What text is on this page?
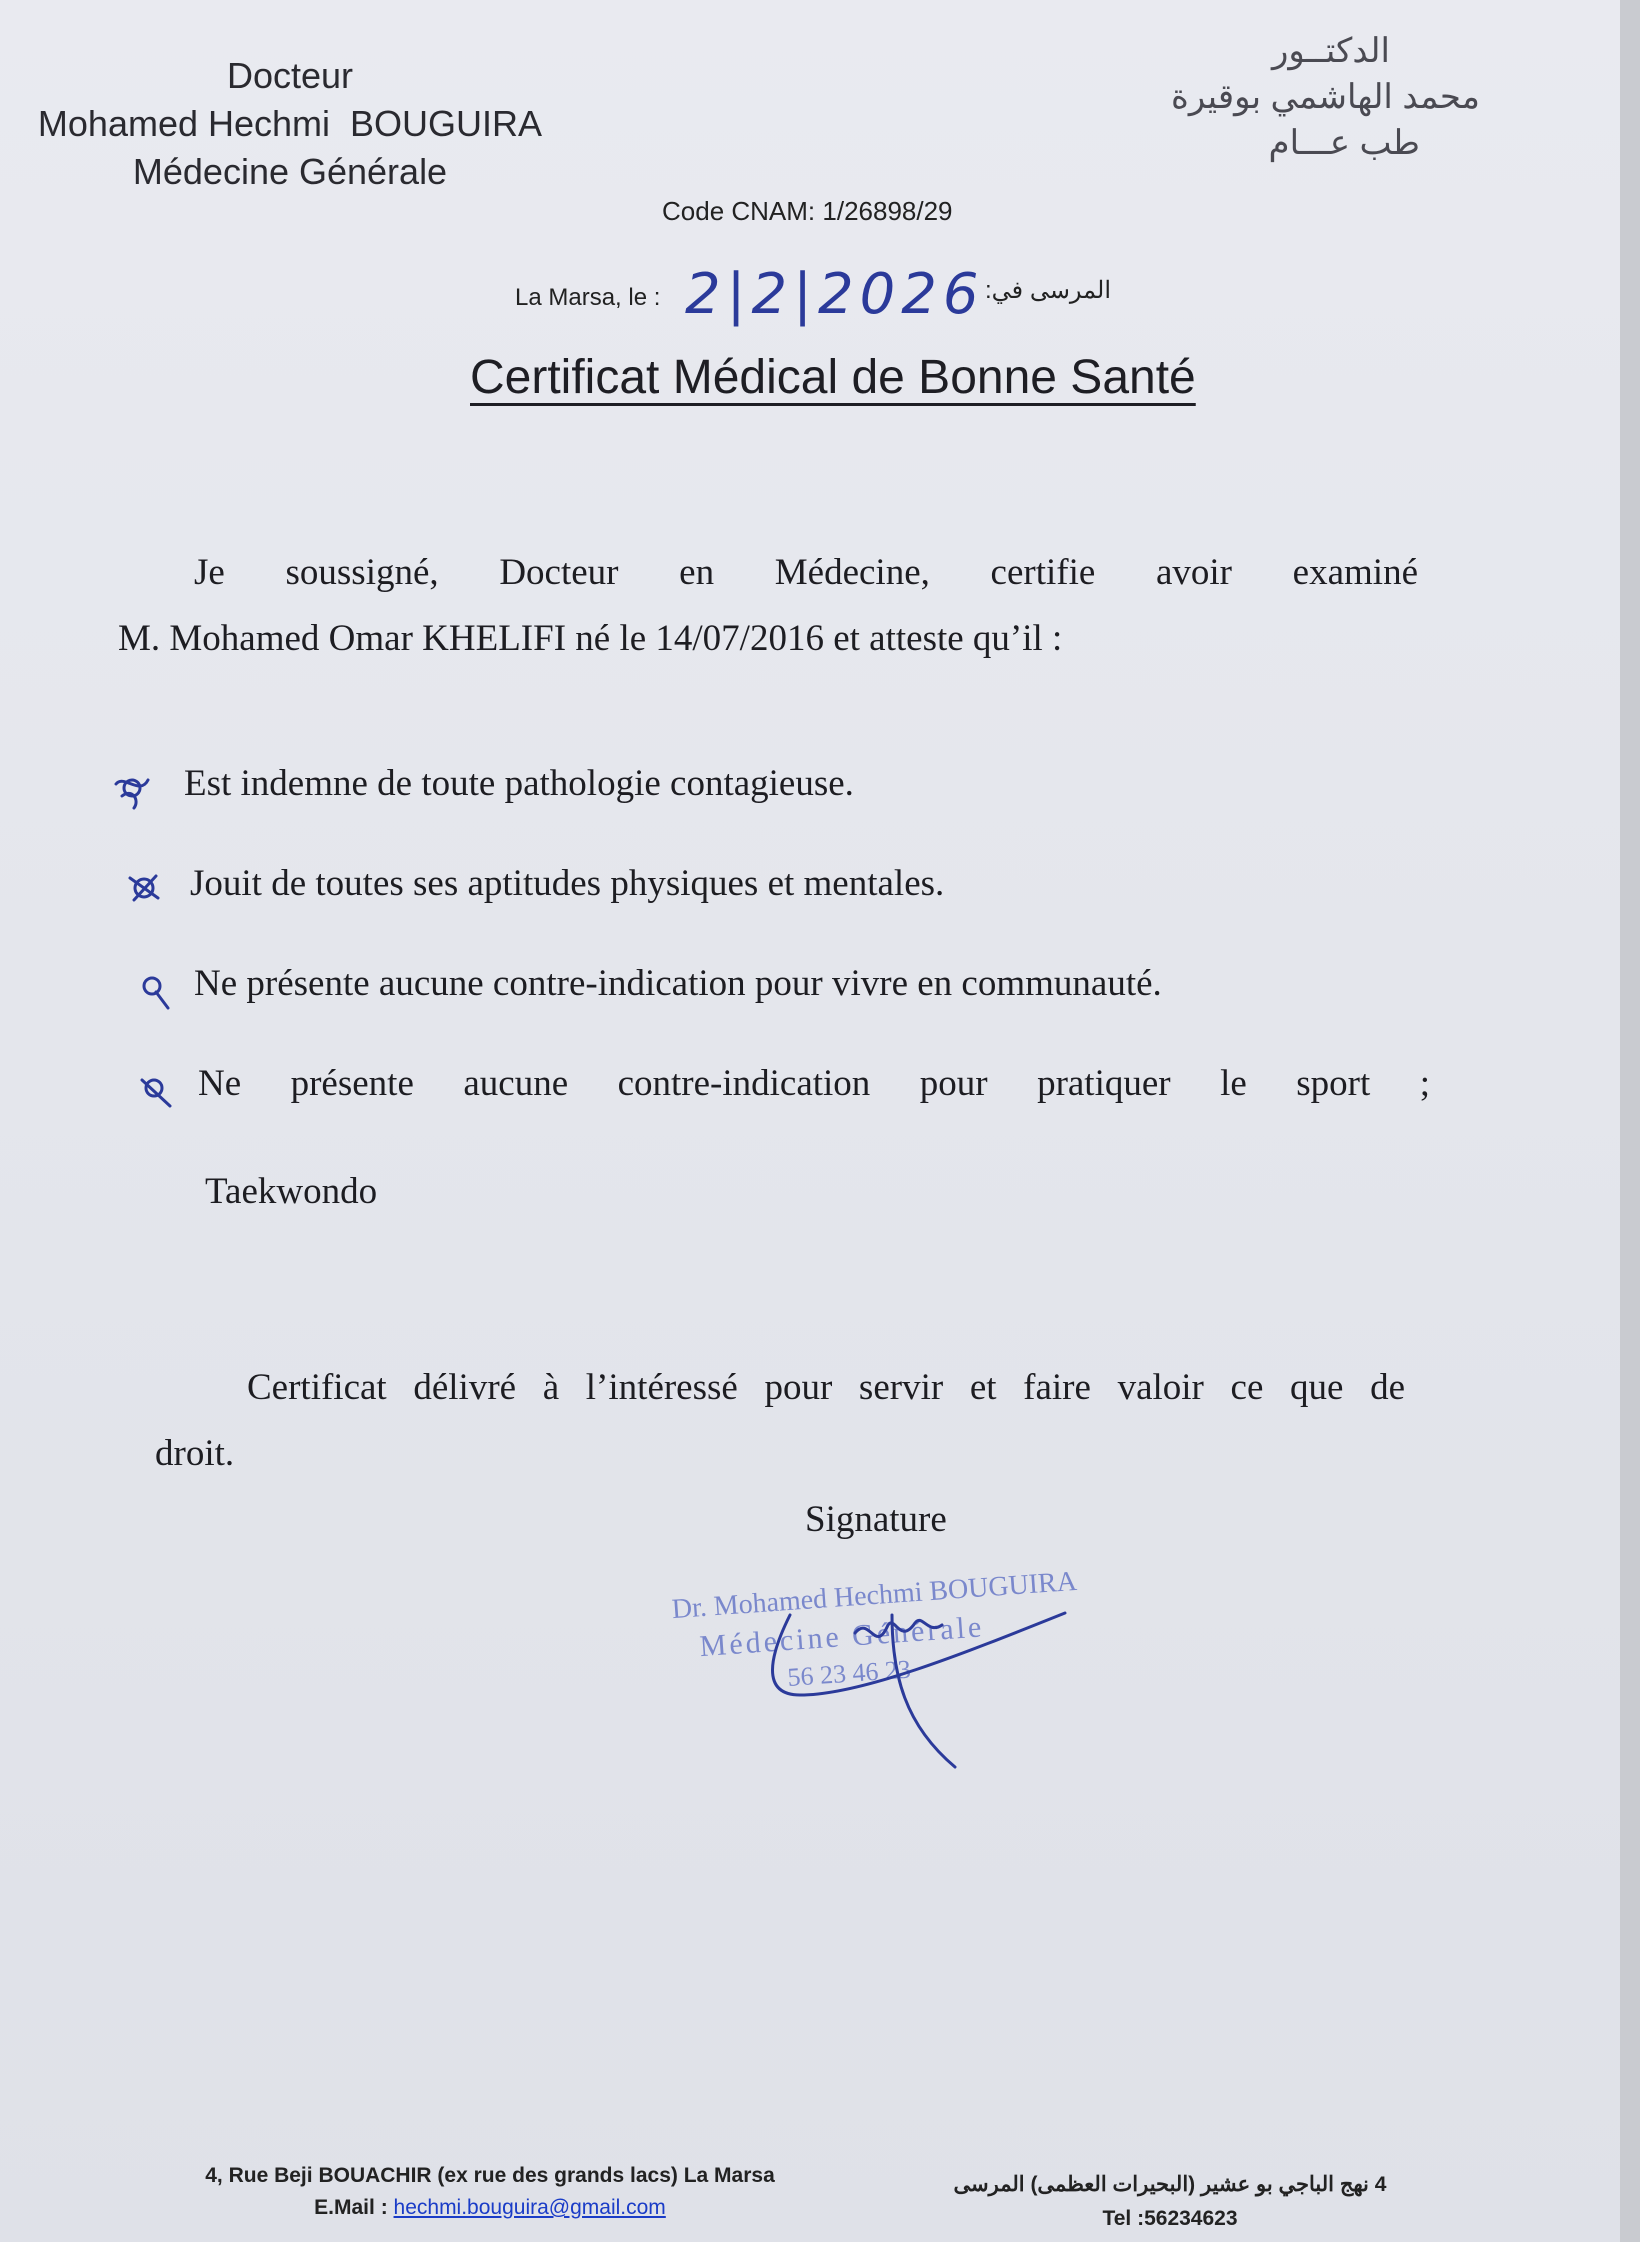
Docteur
Mohamed Hechmi  BOUGUIRA
Médecine Générale
الدكتــور
محمد الهاشمي بوقيرة
طب عـــام
Code CNAM: 1/26898/29
La Marsa, le : 2|2|2026 المرسى في:
Certificat Médical de Bonne Santé
Je soussigné, Docteur en Médecine, certifie avoir examiné
M. Mohamed Omar KHELIFI né le 14/07/2016 et atteste qu’il :
Est indemne de toute pathologie contagieuse.
Jouit de toutes ses aptitudes physiques et mentales.
Ne présente aucune contre-indication pour vivre en communauté.
Ne présente aucune contre-indication pour pratiquer le sport ;
Taekwondo
Certificat délivré à l’intéressé pour servir et faire valoir ce que de
droit.
Signature
Dr. Mohamed Hechmi BOUGUIRA
Médecine Générale
56 23 46 23
4, Rue Beji BOUACHIR (ex rue des grands lacs) La Marsa
E.Mail : hechmi.bouguira@gmail.com
4 نهج الباجي بو عشير (البحيرات العظمى) المرسى
Tel :56234623
